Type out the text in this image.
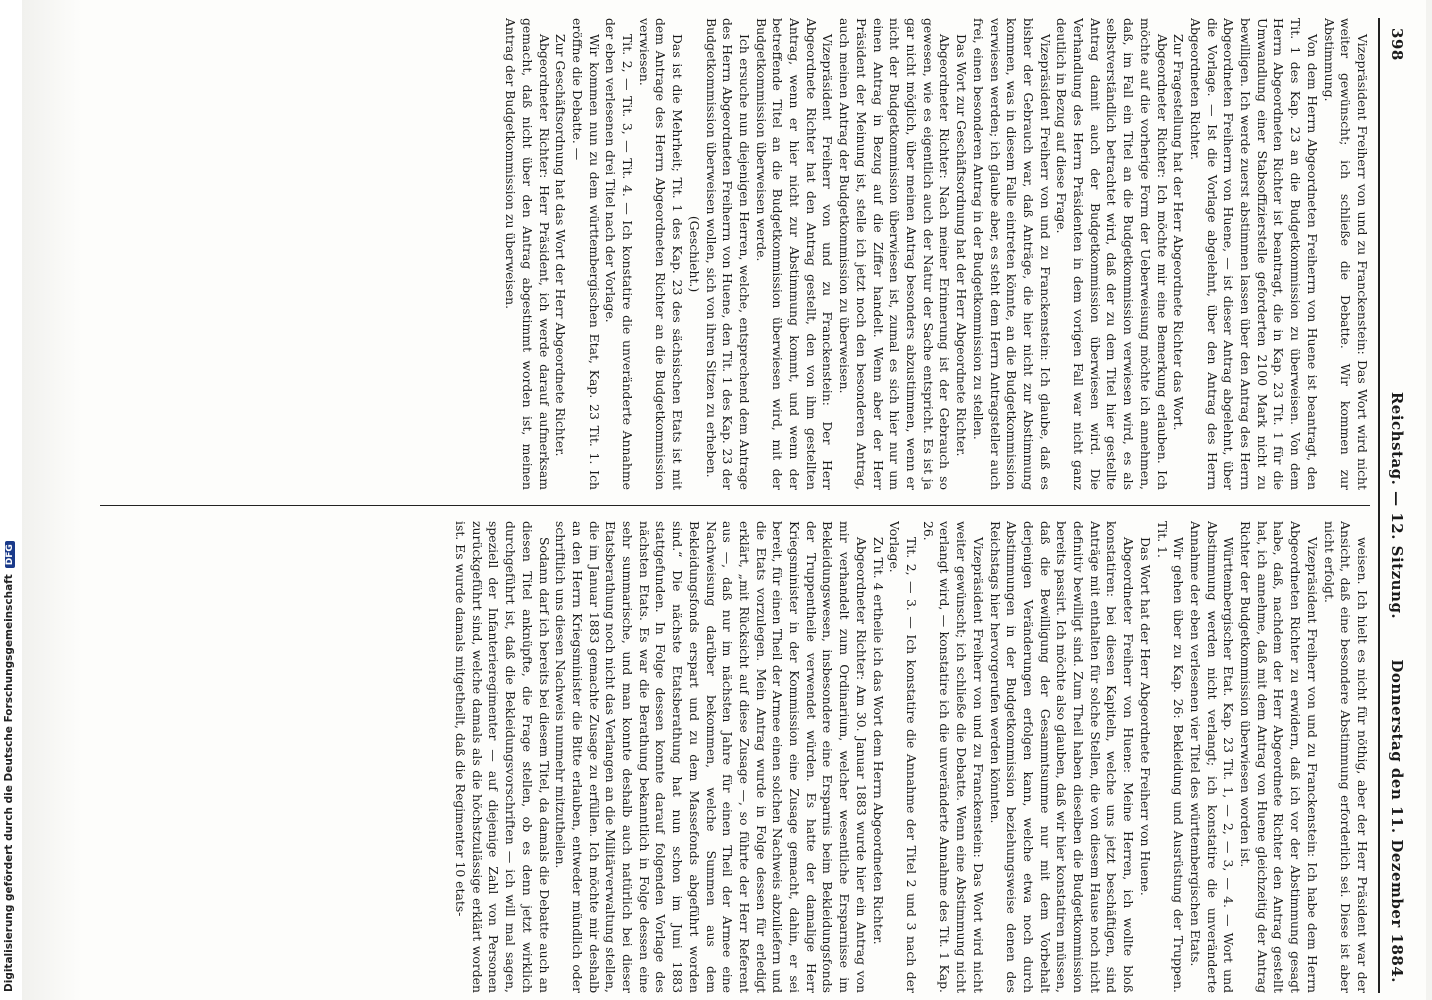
Digitalisierung gefördert durch die Deutsche ForschungsgemeinschaftDFG
398
Reichstag. — 12. Sitzung.
Donnerstag den 11. Dezember 1884.

Vizepräsident Freiherr von und zu Franckenstein: Das Wort wird nicht weiter gewünscht; ich schließe die Debatte. Wir kommen zur Abstimmung.

Von dem Herrn Abgeordneten Freiherrn von Huene ist beantragt, den Tit. 1 des Kap. 23 an die Budgetkommission zu überweisen. Von dem Herrn Abgeordneten Richter ist beantragt, die in Kap. 23 Tit. 1 für die Umwandlung einer Stabsoffizierstelle geforderten 2100 Mark nicht zu bewilligen. Ich werde zuerst abstimmen lassen über den Antrag des Herrn Abgeordneten Freiherrn von Huene, — ist dieser Antrag abgelehnt, über die Vorlage. — Ist die Vorlage abgelehnt, über den Antrag des Herrn Abgeordneten Richter.

Zur Fragestellung hat der Herr Abgeordnete Richter das Wort.

Abgeordneter Richter: Ich möchte mir eine Bemerkung erlauben. Ich möchte auf die vorherige Form der Ueberweisung möchte ich annehmen, daß, im Fall ein Titel an die Budgetkommission verwiesen wird, es als selbstverständlich betrachtet wird, daß der zu dem Titel hier gestellte Antrag damit auch der Budgetkommission überwiesen wird. Die Verhandlung des Herrn Präsidenten in dem vorigen Fall war nicht ganz deutlich in Bezug auf diese Frage.

Vizepräsident Freiherr von und zu Franckenstein: Ich glaube, daß es bisher der Gebrauch war, daß Anträge, die hier nicht zur Abstimmung kommen, was in diesem Falle eintreten könnte, an die Budgetkommission verwiesen werden; ich glaube aber, es steht dem Herrn Antragsteller auch frei, einen besonderen Antrag in der Budgetkommission zu stellen.

Das Wort zur Geschäftsordnung hat der Herr Abgeordnete Richter.

Abgeordneter Richter: Nach meiner Erinnerung ist der Gebrauch so gewesen, wie es eigentlich auch der Natur der Sache entspricht. Es ist ja gar nicht möglich, über meinen Antrag besonders abzustimmen, wenn er nicht der Budgetkommission überwiesen ist, zumal es sich hier nur um einen Antrag in Bezug auf die Ziffer handelt. Wenn aber der Herr Präsident der Meinung ist, stelle ich jetzt noch den besonderen Antrag, auch meinen Antrag der Budgetkommission zu überweisen.

Vizepräsident Freiherr von und zu Franckenstein: Der Herr Abgeordnete Richter hat den Antrag gestellt, den von ihm gestellten Antrag, wenn er hier nicht zur Abstimmung kommt, und wenn der betreffende Titel an die Budgetkommission überwiesen wird, mit der Budgetkommission überweisen werde.

Ich ersuche nun diejenigen Herren, welche, entsprechend dem Antrage des Herrn Abgeordneten Freiherrn von Huene, den Tit. 1 des Kap. 23 der Budgetkommission überweisen wollen, sich von ihren Sitzen zu erheben.

(Geschieht.)

Das ist die Mehrheit; Tit. 1 des Kap. 23 des sächsischen Etats ist mit dem Antrage des Herrn Abgeordneten Richter an die Budgetkommission verwiesen.

Tit. 2, — Tit. 3, — Tit. 4. — Ich konstatire die unveränderte Annahme der eben verlesenen drei Titel nach der Vorlage.

Wir kommen nun zu dem württembergischen Etat, Kap. 23 Tit. 1. Ich eröffne die Debatte. —

Zur Geschäftsordnung hat das Wort der Herr Abgeordnete Richter.

Abgeordneter Richter: Herr Präsident, ich werde darauf aufmerksam gemacht, daß nicht über den Antrag abgestimmt worden ist, meinen Antrag der Budgetkommission zu überweisen.

weisen. Ich hielt es nicht für nöthig, aber der Herr Präsident war der Ansicht, daß eine besondere Abstimmung erforderlich sei. Diese ist aber nicht erfolgt.

Vizepräsident Freiherr von und zu Franckenstein: Ich habe dem Herrn Abgeordneten Richter zu erwidern, daß ich vor der Abstimmung gesagt habe, daß, nachdem der Herr Abgeordnete Richter den Antrag gestellt hat, ich annehme, daß mit dem Antrag von Huene gleichzeitig der Antrag Richter der Budgetkommission überwiesen worden ist.

Württembergischer Etat. Kap. 23 Tit. 1, — 2, — 3, — 4. — Wort und Abstimmung werden nicht verlangt; ich konstatire die unveränderte Annahme der eben verlesenen vier Titel des württembergischen Etats.

Wir gehen über zu Kap. 26: Bekleidung und Ausrüstung der Truppen. Tit. 1.

Das Wort hat der Herr Abgeordnete Freiherr von Huene.

Abgeordneter Freiherr von Huene: Meine Herren, ich wollte bloß konstatiren: bei diesen Kapiteln, welche uns jetzt beschäftigen, sind Anträge mit enthalten für solche Stellen, die von diesem Hause noch nicht definitiv bewilligt sind. Zum Theil haben dieselben die Budgetkommission bereits passirt. Ich möchte also glauben, daß wir hier konstatiren müssen, daß die Bewilligung der Gesammtsumme nur mit dem Vorbehalt derjenigen Veränderungen erfolgen kann, welche etwa noch durch Abstimmungen in der Budgetkommission beziehungsweise denen des Reichstags hier hervorgerufen werden könnten.

Vizepräsident Freiherr von und zu Franckenstein: Das Wort wird nicht weiter gewünscht; ich schließe die Debatte. Wenn eine Abstimmung nicht verlangt wird, — konstatire ich die unveränderte Annahme des Tit. 1 Kap. 26.

Tit. 2, — 3. — Ich konstatire die Annahme der Titel 2 und 3 nach der Vorlage.

Zu Tit. 4 ertheile ich das Wort dem Herrn Abgeordneten Richter.

Abgeordneter Richter: Am 30. Januar 1883 wurde hier ein Antrag von mir verhandelt zum Ordinarium, welcher wesentliche Ersparnisse im Bekleidungswesen, insbesondere eine Ersparnis beim Bekleidungsfonds der Truppentheile verwendet würden. Es hatte der damalige Herr Kriegsminister in der Kommission eine Zusage gemacht, dahin, er sei bereit, für einen Theil der Armee einen solchen Nachweis abzuliefern und die Etats vorzulegen. Mein Antrag wurde in Folge dessen für erledigt erklärt, „mit Rücksicht auf diese Zusage —, so führte der Herr Referent aus —, daß nur im nächsten Jahre für einen Theil der Armee eine Nachweisung darüber bekommen, welche Summen aus dem Bekleidungsfonds erspart und zu dem Massefonds abgeführt worden sind.“ Die nächste Etatsberathung hat nun schon im Juni 1883 stattgefunden. In Folge dessen konnte darauf folgenden Vorlage des nächsten Etats. Es war die Berathung bekanntlich in Folge dessen eine sehr summarische, und man konnte deshalb auch natürlich bei dieser Etatsberathung noch nicht das Verlangen an die Militärverwaltung stellen, die im Januar 1883 gemachte Zusage zu erfüllen. Ich möchte mir deshalb an den Herrn Kriegsminister die Bitte erlauben, entweder mündlich oder schriftlich uns diesen Nachweis nunmehr mitzutheilen.

Sodann darf ich bereits bei diesem Titel, da damals die Debatte auch an diesen Titel anknüpfte, die Frage stellen, ob es denn jetzt wirklich durchgeführt ist, daß die Bekleidungsvorschriften — ich will mal sagen, speziell der Infanterieregimenter — auf diejenige Zahl von Personen zurückgeführt sind, welche damals als die höchstzulässige erklärt worden ist. Es wurde damals mitgetheilt, daß die Regimenter 10 etats-
